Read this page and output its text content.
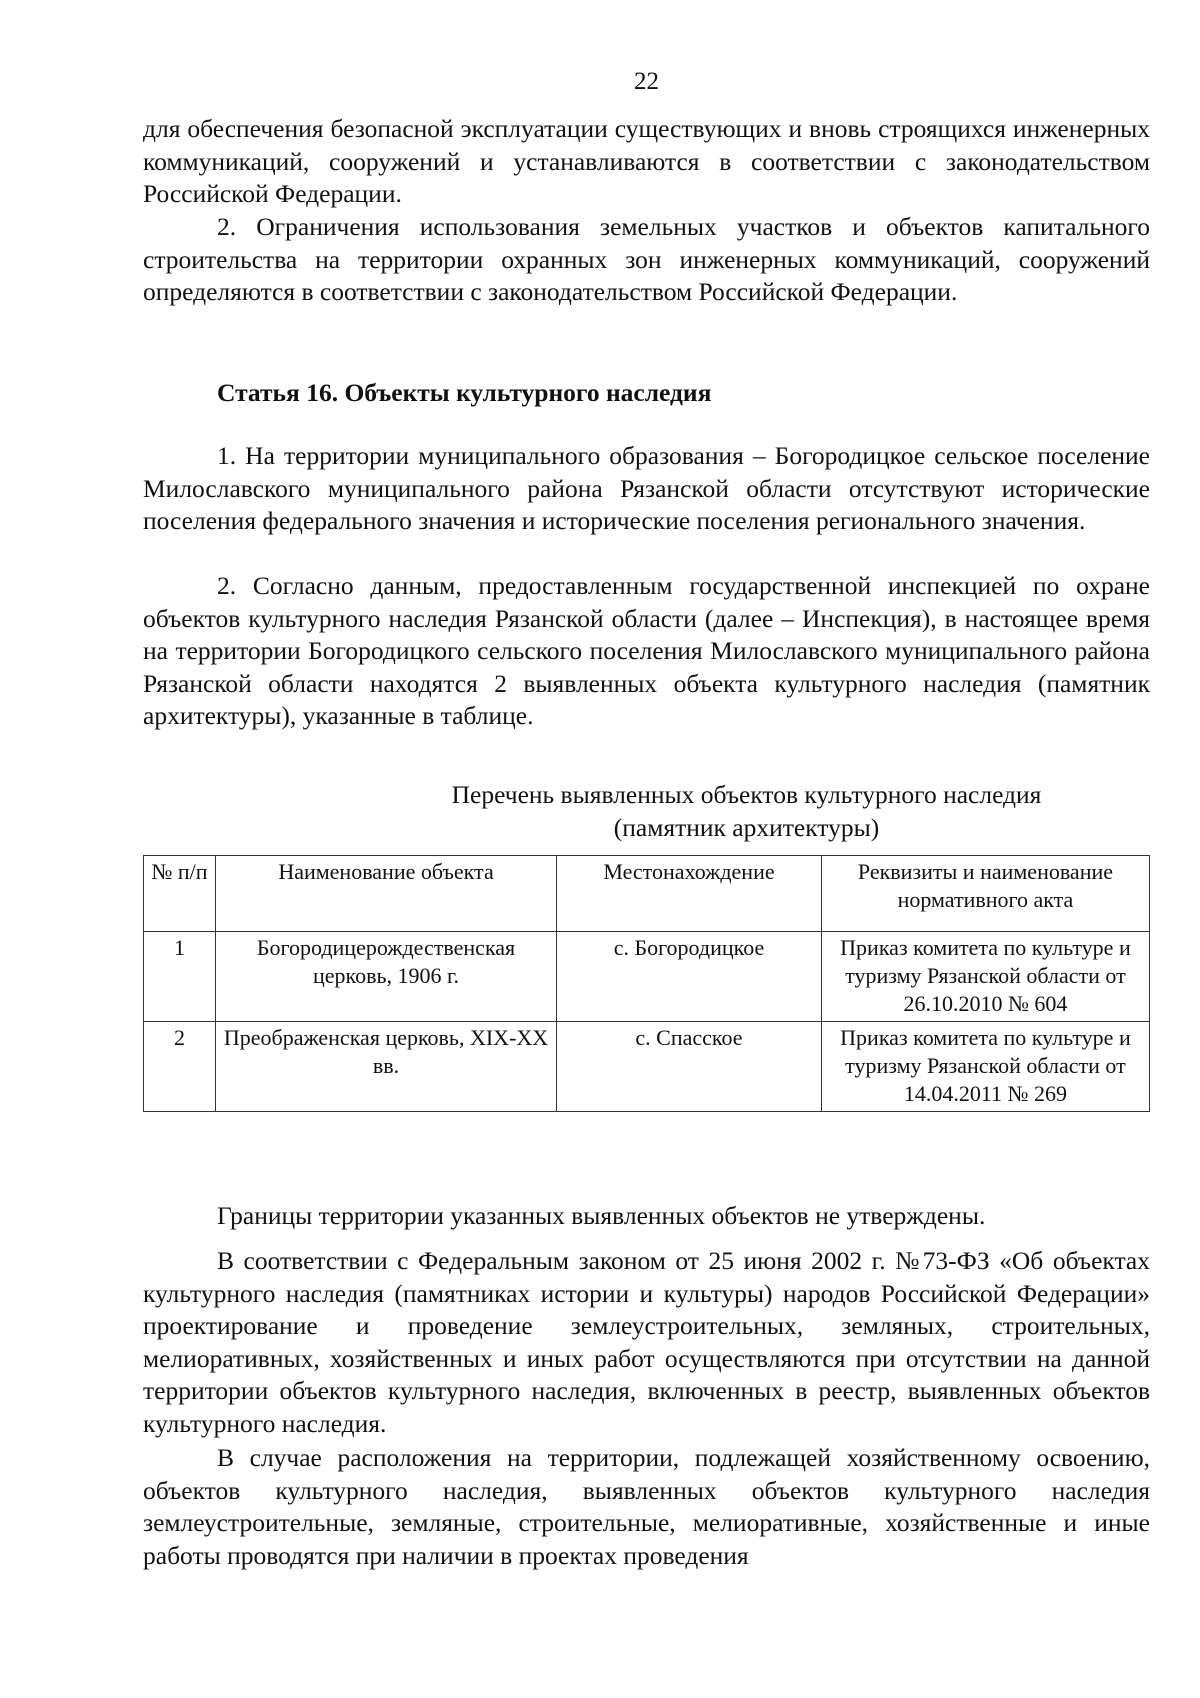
22

для обеспечения безопасной эксплуатации существующих и вновь строящихся инженерных коммуникаций, сооружений и устанавливаются в соответствии с законодательством Российской Федерации.

2. Ограничения использования земельных участков и объектов капитального строительства на территории охранных зон инженерных коммуникаций, сооружений определяются в соответствии с законодательством Российской Федерации.

Статья 16. Объекты культурного наследия

1. На территории муниципального образования – Богородицкое сельское поселение Милославского муниципального района Рязанской области отсутствуют исторические поселения федерального значения и исторические поселения регионального значения.

2. Согласно данным, предоставленным государственной инспекцией по охране объектов культурного наследия Рязанской области (далее – Инспекция), в настоящее время на территории Богородицкого сельского поселения Милославского муниципального района Рязанской области находятся 2 выявленных объекта культурного наследия (памятник архитектуры), указанные в таблице.

Перечень выявленных объектов культурного наследия
(памятник архитектуры)
№ п/п	Наименование объекта	Местонахождение	Реквизиты и наименование нормативного акта
1	Богородицерождественская церковь, 1906 г.	с. Богородицкое	Приказ комитета по культуре и туризму Рязанской области от 26.10.2010 № 604
2	Преображенская церковь, XIX-XX вв.	с. Спасское	Приказ комитета по культуре и туризму Рязанской области от 14.04.2011 № 269

Границы территории указанных выявленных объектов не утверждены.

В соответствии с Федеральным законом от 25 июня 2002 г. №73-ФЗ «Об объектах культурного наследия (памятниках истории и культуры) народов Российской Федерации» проектирование и проведение землеустроительных, земляных, строительных, мелиоративных, хозяйственных и иных работ осуществляются при отсутствии на данной территории объектов культурного наследия, включенных в реестр, выявленных объектов культурного наследия.

В случае расположения на территории, подлежащей хозяйственному освоению, объектов культурного наследия, выявленных объектов культурного наследия землеустроительные, земляные, строительные, мелиоративные, хозяйственные и иные работы проводятся при наличии в проектах проведения
